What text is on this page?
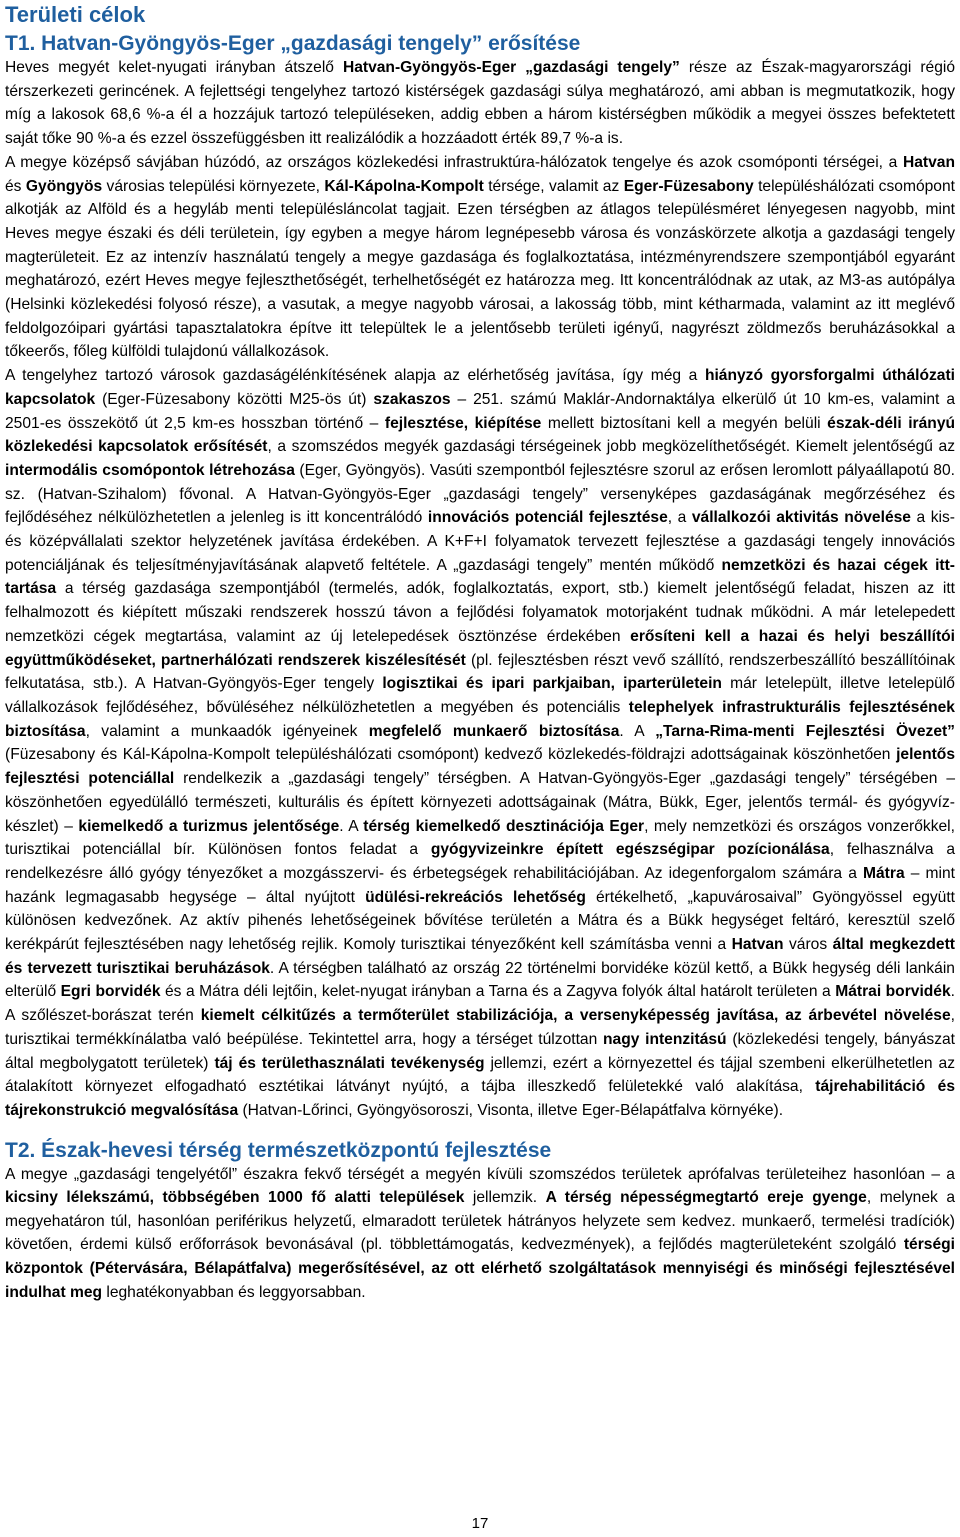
Területi célok
T1. Hatvan-Gyöngyös-Eger „gazdasági tengely” erősítése

Heves megyét kelet-nyugati irányban átszelő Hatvan-Gyöngyös-Eger „gazdasági tengely” része az Észak-magyarországi régió térszerkezeti gerincének. A fejlettségi tengelyhez tartozó kistérségek gazdasági súlya meghatározó, ami abban is megmutatkozik, hogy míg a lakosok 68,6 %-a él a hozzájuk tartozó településeken, addig ebben a három kistérségben működik a megyei összes befektetett saját tőke 90 %-a és ezzel összefüggésben itt realizálódik a hozzáadott érték 89,7 %-a is.

A megye középső sávjában húzódó, az országos közlekedési infrastruktúra-hálózatok tengelye és azok csomóponti térségei, a Hatvan és Gyöngyös városias települési környezete, Kál-Kápolna-Kompolt térsége, valamit az Eger-Füzesabony településhálózati csomópont alkotják az Alföld és a hegyláb menti településláncolat tagjait. Ezen térségben az átlagos településméret lényegesen nagyobb, mint Heves megye északi és déli területein, így egyben a megye három legnépesebb városa és vonzáskörzete alkotja a gazdasági tengely magterületeit. Ez az intenzív használatú tengely a megye gazdasága és foglalkoztatása, intézményrendszere szempontjából egyaránt meghatározó, ezért Heves megye fejleszthetőségét, terhelhetőségét ez határozza meg. Itt koncentrálódnak az utak, az M3-as autópálya (Helsinki közlekedési folyosó része), a vasutak, a megye nagyobb városai, a lakosság több, mint kétharmada, valamint az itt meglévő feldolgozóipari gyártási tapasztalatokra építve itt települtek le a jelentősebb területi igényű, nagyrészt zöldmezős beruházásokkal a tőkeerős, főleg külföldi tulajdonú vállalkozások.

A tengelyhez tartozó városok gazdaságélénkítésének alapja az elérhetőség javítása, így még a hiányzó gyorsforgalmi úthálózati kapcsolatok (Eger-Füzesabony közötti M25-ös út) szakaszos – 251. számú Maklár-Andornaktálya elkerülő út 10 km-es, valamint a 2501-es összekötő út 2,5 km-es hosszban történő – fejlesztése, kiépítése mellett biztosítani kell a megyén belüli észak-déli irányú közlekedési kapcsolatok erősítését, a szomszédos megyék gazdasági térségeinek jobb megközelíthetőségét. Kiemelt jelentőségű az intermodális csomópontok létrehozása (Eger, Gyöngyös). Vasúti szempontból fejlesztésre szorul az erősen leromlott pályaállapotú 80. sz. (Hatvan-Szihalom) fővonal. A Hatvan-Gyöngyös-Eger „gazdasági tengely” versenyképes gazdaságának megőrzéséhez és fejlődéséhez nélkülözhetetlen a jelenleg is itt koncentrálódó innovációs potenciál fejlesztése, a vállalkozói aktivitás növelése a kis- és középvállalati szektor helyzetének javítása érdekében. A K+F+I folyamatok tervezett fejlesztése a gazdasági tengely innovációs potenciáljának és teljesítményjavításának alapvető feltétele. A „gazdasági tengely” mentén működő nemzetközi és hazai cégek itt-tartása a térség gazdasága szempontjából (termelés, adók, foglalkoztatás, export, stb.) kiemelt jelentőségű feladat, hiszen az itt felhalmozott és kiépített műszaki rendszerek hosszú távon a fejlődési folyamatok motorjaként tudnak működni. A már letelepedett nemzetközi cégek megtartása, valamint az új letelepedések ösztönzése érdekében erősíteni kell a hazai és helyi beszállítói együttműködéseket, partnerhálózati rendszerek kiszélesítését (pl. fejlesztésben részt vevő szállító, rendszerbeszállító beszállítóinak felkutatása, stb.). A Hatvan-Gyöngyös-Eger tengely logisztikai és ipari parkjaiban, iparterületein már letelepült, illetve letelepülő vállalkozások fejlődéséhez, bővüléséhez nélkülözhetetlen a megyében és potenciális telephelyek infrastrukturális fejlesztésének biztosítása, valamint a munkaadók igényeinek megfelelő munkaerő biztosítása. A „Tarna-Rima-menti Fejlesztési Övezet” (Füzesabony és Kál-Kápolna-Kompolt településhálózati csomópont) kedvező közlekedés-földrajzi adottságainak köszönhetően jelentős fejlesztési potenciállal rendelkezik a „gazdasági tengely” térségben. A Hatvan-Gyöngyös-Eger „gazdasági tengely” térségében – köszönhetően egyedülálló természeti, kulturális és épített környezeti adottságainak (Mátra, Bükk, Eger, jelentős termál- és gyógyvíz-készlet) – kiemelkedő a turizmus jelentősége. A térség kiemelkedő desztinációja Eger, mely nemzetközi és országos vonzerőkkel, turisztikai potenciállal bír. Különösen fontos feladat a gyógyvizeinkre épített egészségipar pozícionálása, felhasználva a rendelkezésre álló gyógy tényezőket a mozgásszervi- és érbetegségek rehabilitációjában. Az idegenforgalom számára a Mátra – mint hazánk legmagasabb hegysége – által nyújtott üdülési-rekreációs lehetőség értékelhető, „kapuvárosaival” Gyöngyössel együtt különösen kedvezőnek. Az aktív pihenés lehetőségeinek bővítése területén a Mátra és a Bükk hegységet feltáró, keresztül szelő kerékpárút fejlesztésében nagy lehetőség rejlik. Komoly turisztikai tényezőként kell számításba venni a Hatvan város által megkezdett és tervezett turisztikai beruházások. A térségben található az ország 22 történelmi borvidéke közül kettő, a Bükk hegység déli lankáin elterülő Egri borvidék és a Mátra déli lejtőin, kelet-nyugat irányban a Tarna és a Zagyva folyók által határolt területen a Mátrai borvidék. A szőlészet-borászat terén kiemelt célkitűzés a termőterület stabilizációja, a versenyképesség javítása, az árbevétel növelése, turisztikai termékkínálatba való beépülése. Tekintettel arra, hogy a térséget túlzottan nagy intenzitású (közlekedési tengely, bányászat által megbolygatott területek) táj és területhasználati tevékenység jellemzi, ezért a környezettel és tájjal szembeni elkerülhetetlen az átalakított környezet elfogadható esztétikai látványt nyújtó, a tájba illeszkedő felületekké való alakítása, tájrehabilitáció és tájrekonstrukció megvalósítása (Hatvan-Lőrinci, Gyöngyösoroszi, Visonta, illetve Eger-Bélapátfalva környéke).

T2. Észak-hevesi térség természetközpontú fejlesztése

A megye „gazdasági tengelyétől” északra fekvő térségét a megyén kívüli szomszédos területek aprófalvas területeihez hasonlóan – a kicsiny lélekszámú, többségében 1000 fő alatti települések jellemzik. A térség népességmegtartó ereje gyenge, melynek a megyehatáron túl, hasonlóan periférikus helyzetű, elmaradott területek hátrányos helyzete sem kedvez. munkaerő, termelési tradíciók) követően, érdemi külső erőforrások bevonásával (pl. többlettámogatás, kedvezmények), a fejlődés magterületeként szolgáló térségi központok (Pétervására, Bélapátfalva) megerősítésével, az ott elérhető szolgáltatások mennyiségi és minőségi fejlesztésével indulhat meg leghatékonyabban és leggyorsabban.

17
